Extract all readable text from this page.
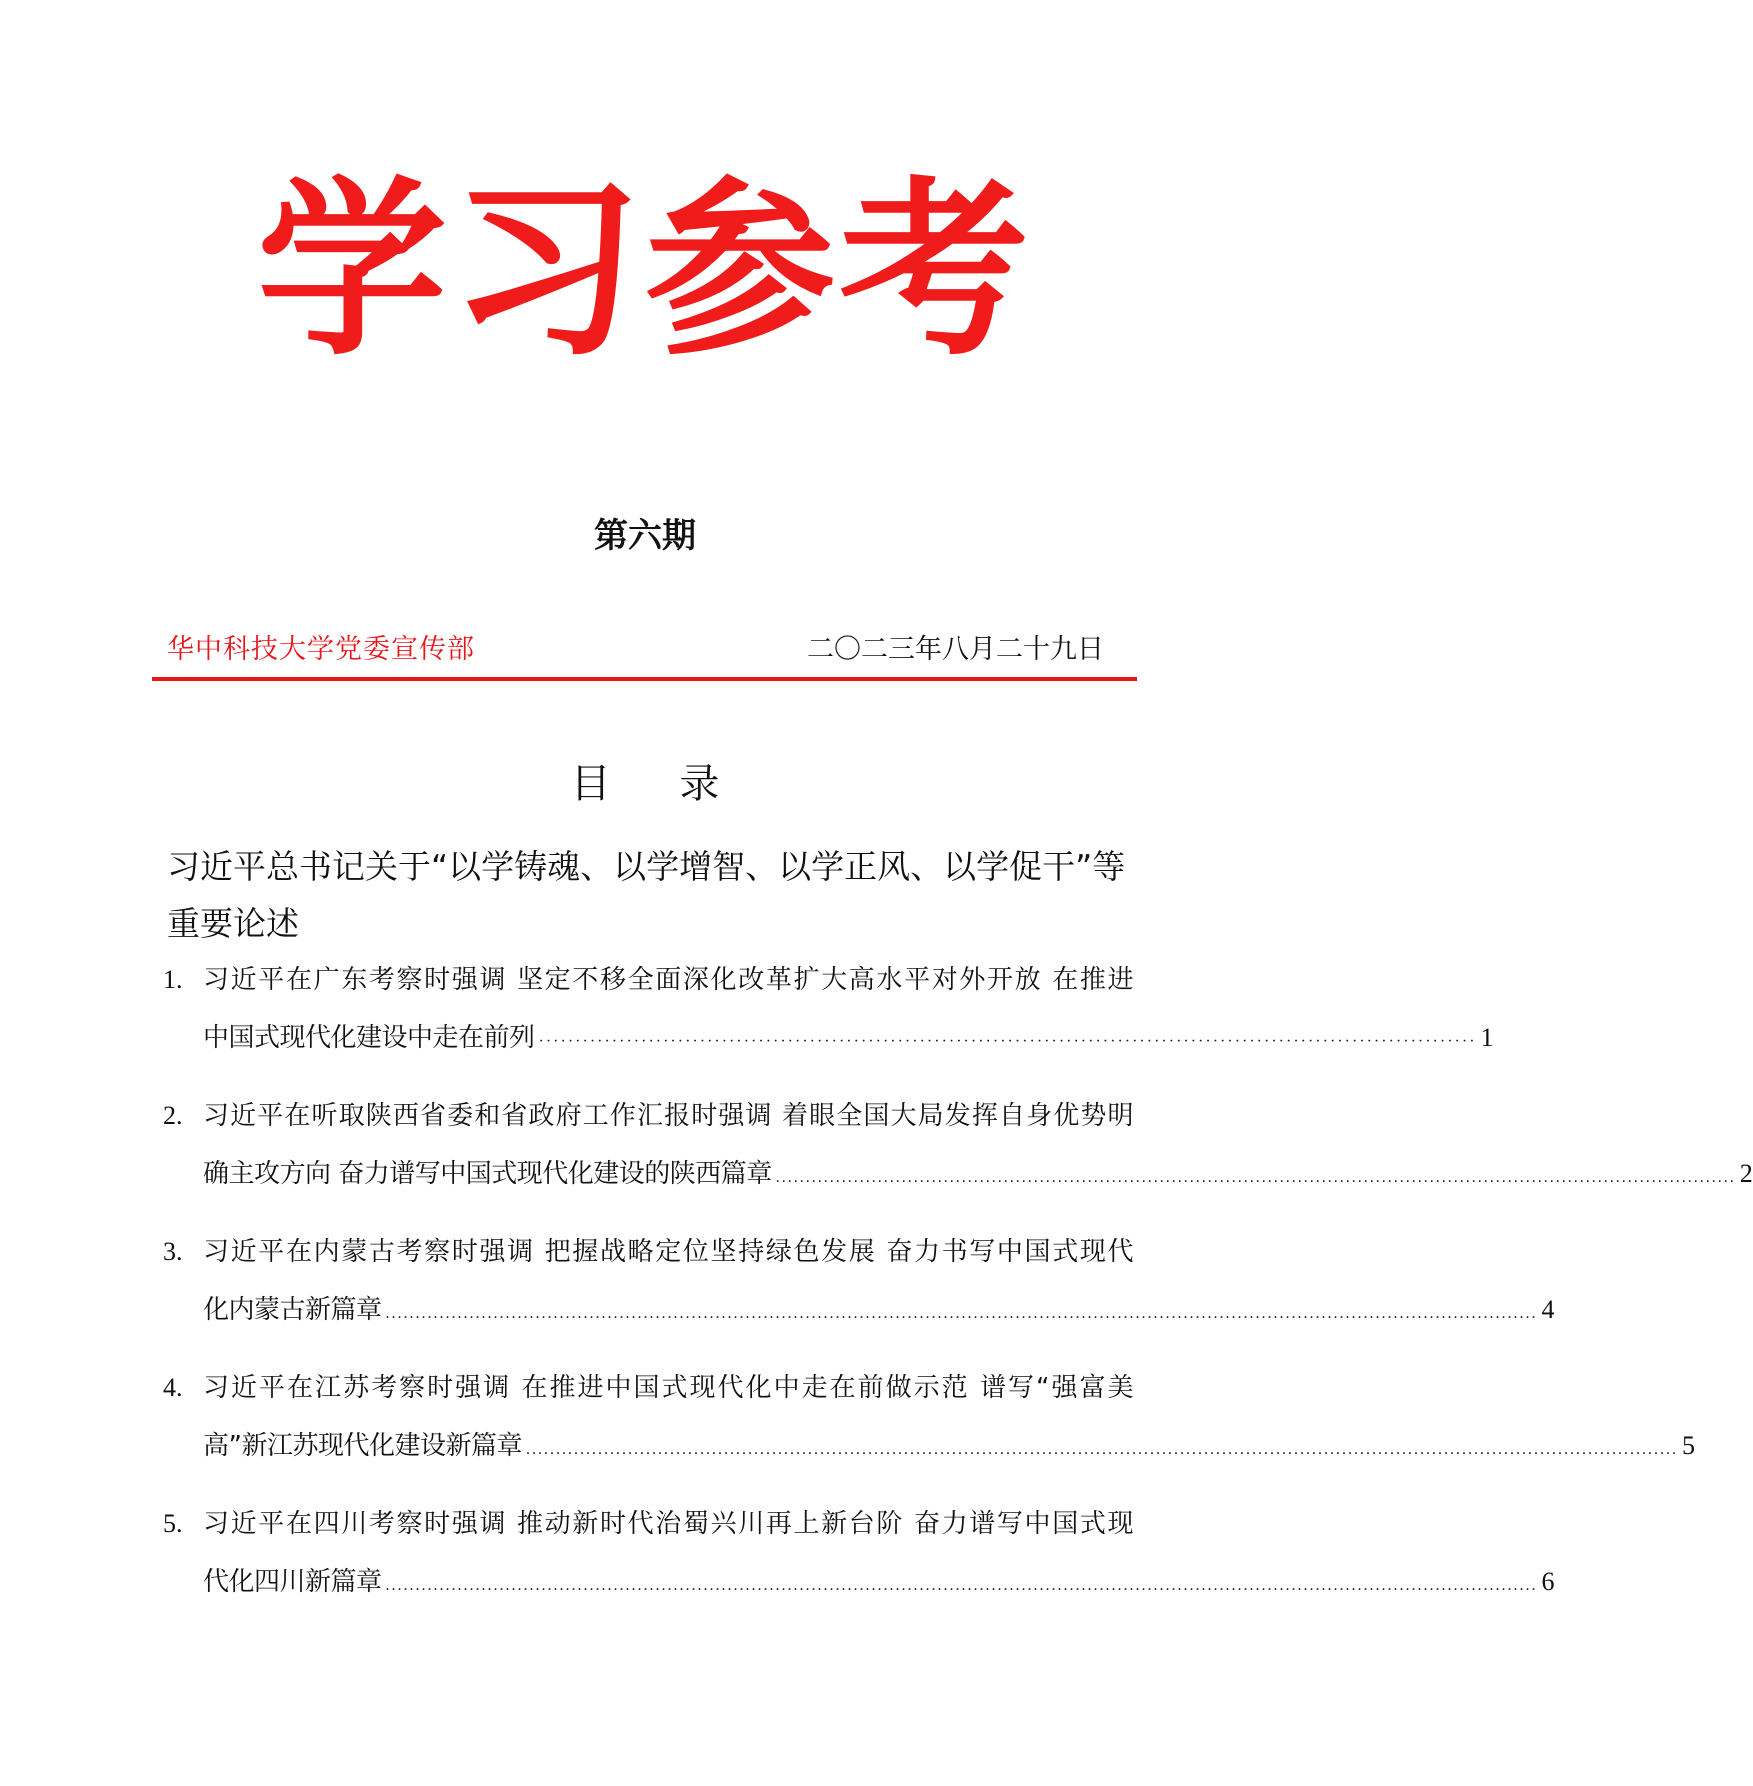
学习参考
第六期
华中科技大学党委宣传部	二〇二三年八月二十九日
目 录
习近平总书记关于“以学铸魂、以学增智、以学正风、以学促干”等重要论述
1. 习近平在广东考察时强调 坚定不移全面深化改革扩大高水平对外开放 在推进
中国式现代化建设中走在前列 ································································································································ 1
2. 习近平在听取陕西省委和省政府工作汇报时强调 着眼全国大局发挥自身优势明
确主攻方向 奋力谱写中国式现代化建设的陕西篇章 ................................................................................................................................................................ 2
3. 习近平在内蒙古考察时强调 把握战略定位坚持绿色发展 奋力书写中国式现代
化内蒙古新篇章 ................................................................................................................................................................................................ 4
4. 习近平在江苏考察时强调 在推进中国式现代化中走在前做示范 谱写“强富美
高”新江苏现代化建设新篇章 ................................................................................................................................................................................................ 5
5. 习近平在四川考察时强调 推动新时代治蜀兴川再上新台阶 奋力谱写中国式现
代化四川新篇章 ................................................................................................................................................................................................ 6
